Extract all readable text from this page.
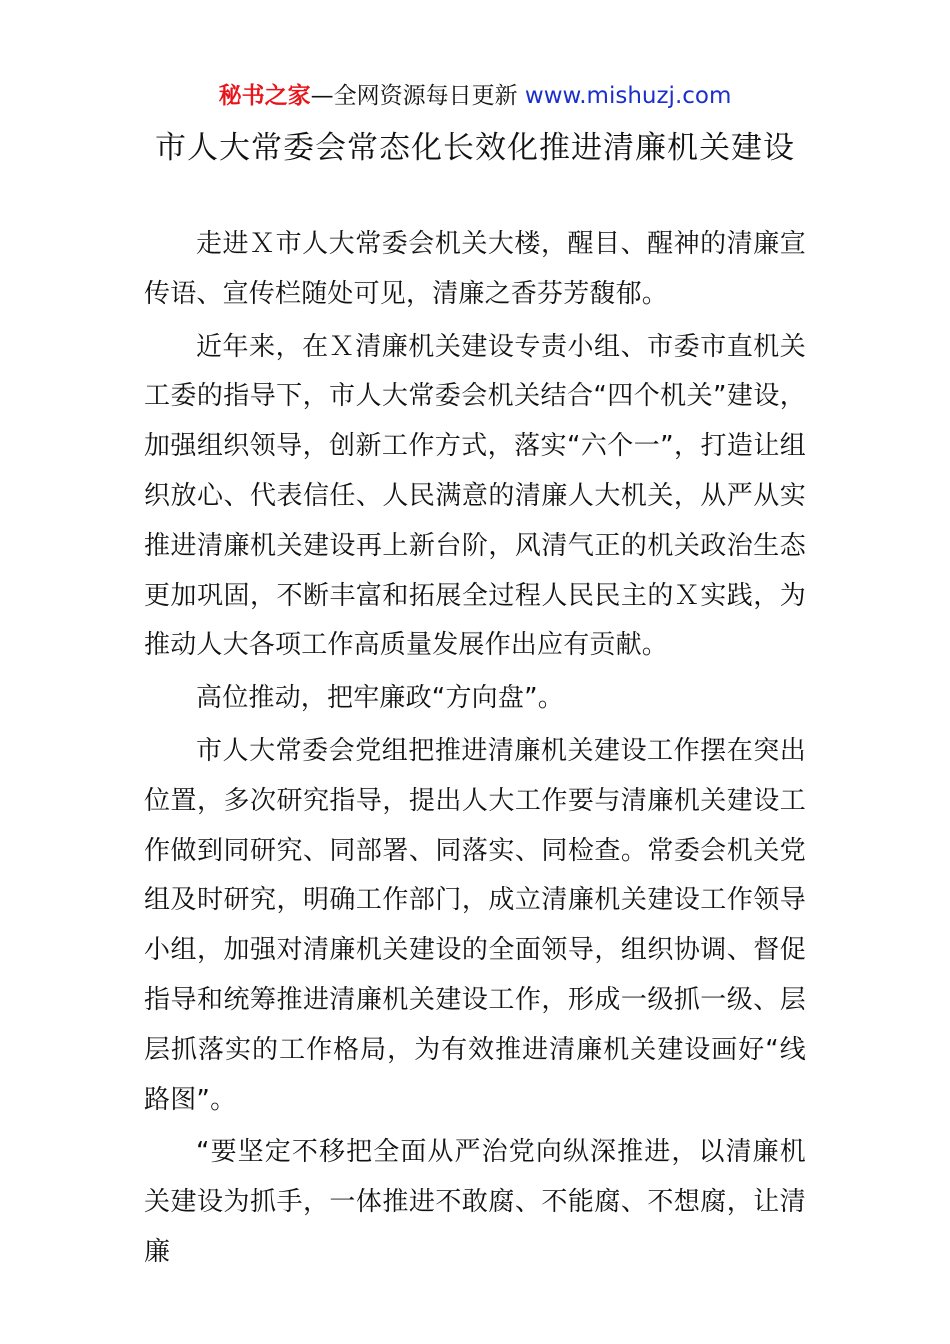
秘书之家—全网资源每日更新 www.mishuzj.com
市人大常委会常态化长效化推进清廉机关建设

走进Ｘ市人大常委会机关大楼，醒目、醒神的清廉宣传语、宣传栏随处可见，清廉之香芬芳馥郁。

近年来，在Ｘ清廉机关建设专责小组、市委市直机关工委的指导下，市人大常委会机关结合“四个机关”建设，加强组织领导，创新工作方式，落实“六个一”，打造让组织放心、代表信任、人民满意的清廉人大机关，从严从实推进清廉机关建设再上新台阶，风清气正的机关政治生态更加巩固，不断丰富和拓展全过程人民民主的Ｘ实践，为推动人大各项工作高质量发展作出应有贡献。

高位推动，把牢廉政“方向盘”。

市人大常委会党组把推进清廉机关建设工作摆在突出位置，多次研究指导，提出人大工作要与清廉机关建设工作做到同研究、同部署、同落实、同检查。常委会机关党组及时研究，明确工作部门，成立清廉机关建设工作领导小组，加强对清廉机关建设的全面领导，组织协调、督促指导和统筹推进清廉机关建设工作，形成一级抓一级、层层抓落实的工作格局，为有效推进清廉机关建设画好“线路图”。

“要坚定不移把全面从严治党向纵深推进，以清廉机关建设为抓手，一体推进不敢腐、不能腐、不想腐，让清廉
